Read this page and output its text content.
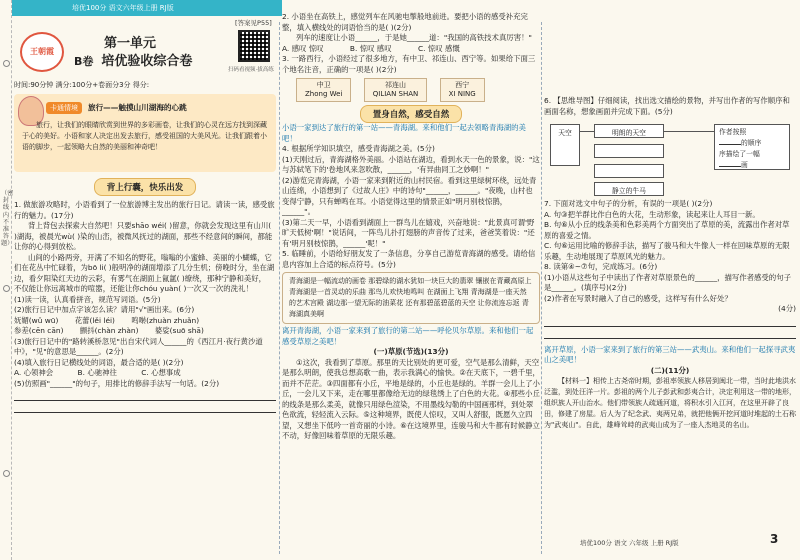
（密封线内不准答题）
培优100分 语文六年级上册 RJ版
[答案见P55]
王朝霞
第一单元
B卷 培优验收综合卷
扫码看视频·拔高练
时间:90分钟 满分:100分+卷面分3分 得分:
卡通情境	旅行——触摸山川湖海的心跳
旅行，让我们的眼睛欣赏到世界的多彩画卷，让我们的心灵在远方找到深藏于心的美好。小语和家人决定出发去旅行，感受祖国的大美风光。让我们跟着小语的脚步，一起领略大自然的美丽和神奇吧！
背上行囊，快乐出发

1. 做旅游攻略时，小语看到了一位旅游博主发出的旅行日记。请读一读，感受旅行的魅力。(17分)

背上背包去探索大自然吧！只要shāo wéi( )留意，你就会发现这里有山川( )湖海，被晨光wù( )染的山峦，被微风抚过的湖面，那些不经意间的瞬间，都能让你的心得到放松。

山间的小路两旁，开满了不知名的野花，嗡嗡的小蜜蜂、美丽的小蝴蝶，它们在花丛中忙碌着，为bō li( )般明净的湖面增添了几分生机；傍晚时分，坐在湖边，看夕阳染红天边的云彩，有雾气在湖面上氤氲( )缭绕，那种宁静和美好，

不仅能让你远离城市的喧嚣，还能让你chóu yuàn( )一次又一次的洗礼！

(1)读一读，认真看拼音，规范写词语。(5分)

(2)旅行日记中加点字该怎么读？请用"√"画出来。(6分)

妩媚(wǔ wū) 花蕾(lěi léi) 鸣啭(zhuàn zhuǎn)

参差(cēn cān) 颤抖(chàn zhàn) 婆娑(suō shā)

(3)旅行日记中的"路转溪桥忽见"出自宋代词人______的《西江月·夜行黄沙道中》，"见"的意思是______。(2分)

(4)填入旅行日记横线处的词语，最合适的是( )(2分)

A. 心领神会	B. 心驰神往	C. 心想事成

(5)仿照画"______"的句子，用排比的修辞手法写一句话。(2分)

2. 小语坐在高铁上，感觉列车在风驰电掣般地前进。要把小语的感受补充完整，填入横线处的词语恰当的是( )(2分)

列车的速度让小语______，于是她______道："我国的高铁技术真厉害！"

A. 感叹 惊叹	B. 惊叹 感叹	C. 惊叹 感慨

3. 一路西行，小语经过了很多地方，有中卫、祁连山、西宁等。如果给下面三个地名注音，正确的一项是( )(2分)

中卫
Zhong Wei 祁连山
QILIAN SHAN 西宁
XI NING
置身自然，感受自然

小语一家到达了旅行的第一站——青海湖。来和他们一起去领略青海湖的美吧！

4. 根据所学知识填空，感受青海湖之美。(5分)

(1)天刚过后，青海湖格外美丽。小语站在湖边，看到水天一色的景象，说："这与苏轼笔下的'卷地风来忽吹散，______，'有异曲同工之妙啊！"

(2)游览完青海湖，小语一家来到附近的山村民宿。看到这里绿树环绕，远处青山连绵，小语想到了《过故人庄》中的诗句"______，______。"夜晚，山村也变得宁静，只有蝉鸣在耳。小语觉得这里的情景正如"明月别枝惊鹊，______"。

(3)第二天一早，小语看到湖面上一群鸟儿在嬉戏，兴奋地说："此景真可谓'野旷天低树'啊！"说话间，一阵鸟儿扑打翅膀的声音传了过来，爸爸笑着说："还有'明月别枝惊鹊，______'呢！"

5. 临睡前，小语给好朋友发了一条信息，分享自己游览青海湖的感受。请给信息内容加上合适的标点符号。(5分)

青海湖是一幅流动的画卷 那碧绿的湖水犹如一块巨大的翡翠 镶嵌在青藏高原上 青海湖是一首灵动的乐曲 那鸟儿欢快地鸣叫 在湖面上飞翔 青海湖是一座天然的艺术宫殿 湖边那一望无际的油菜花 还有那碧蓝碧蓝的天空 让你流连忘返 青海湖真美啊

离开青海湖，小语一家来到了旅行的第二站——呼伦贝尔草原。来和他们一起感受草原之美吧！

(一)草原(节选)(13分)

①这次，我看到了草原。那里的天比别处的更可爱，空气是那么清鲜，天空是那么明朗，使我总想高歌一曲，表示我满心的愉快。②在天底下，一碧千里，而并不茫茫。③四面都有小丘，平地是绿的，小丘也是绿的。羊群一会儿上了小丘，一会儿又下来，走在哪里都像给无边的绿毯绣上了白色的大花。④那些小丘的线条是那么柔美，就像只用绿色渲染，不用墨线勾勒的中国画那样，到处翠色欲流，轻轻流入云际。⑤这种境界，既使人惊叹，又叫人舒服，既愿久立四望，又想坐下低吟一首奇丽的小诗。⑥在这境界里，连骏马和大牛都有时候静立不动，好像回味着草原的无限乐趣。

6. 【思维导图】仔细阅读，找出选文描绘的景物，并写出作者的写作顺序和画面名称，想象画面并完成下面。(5分)

天空	明朗的天空
静立的牛马
作者按照
的顺序
序描绘了一幅
画

7. 下面对选文中句子的分析，有误的一项是( )(2分)

A. 句③把羊群比作白色的大花，生动形象，读起来让人耳目一新。

B. 句⑥从小丘的线条美和色彩美两个方面突出了草原的美，流露出作者对草原的喜爱之情。

C. 句⑥运用比喻的修辞手法，描写了骏马和大牛像人一样在回味草原的无限乐趣，生动地展现了草原风光的魅力。

8. 读第④~⑦句，完成练习。(6分)

(1)小语从这些句子中读出了作者对草原景色的______，描写作者感受的句子是______。(填序号)(2分)

(2)作者在写景时融入了自己的感受，这样写有什么好处？

(4分)

离开草原，小语一家来到了旅行的第三站——武夷山。来和他们一起探寻武夷山之美吧！

(二)(11分)

【材料一】相传上古尧帝时期，彭祖率领族人移居到闽北一带，当时此地洪水泛滥，到处汪洋一片。彭祖的两个儿子彭武和彭夷合计，决定利用这一带的地形，组织族人开山治水。他们带领族人疏通河道，将积水引入江河，在这里开辟了良田，修建了房屋。后人为了纪念武、夷两兄弟，就把他俩开挖河道时堆起的土石称为"武夷山"。自此，雄峰耸峙的武夷山成为了一座人杰地灵的名山。

培优100分 语文 六年级 上册 RJ版	3
